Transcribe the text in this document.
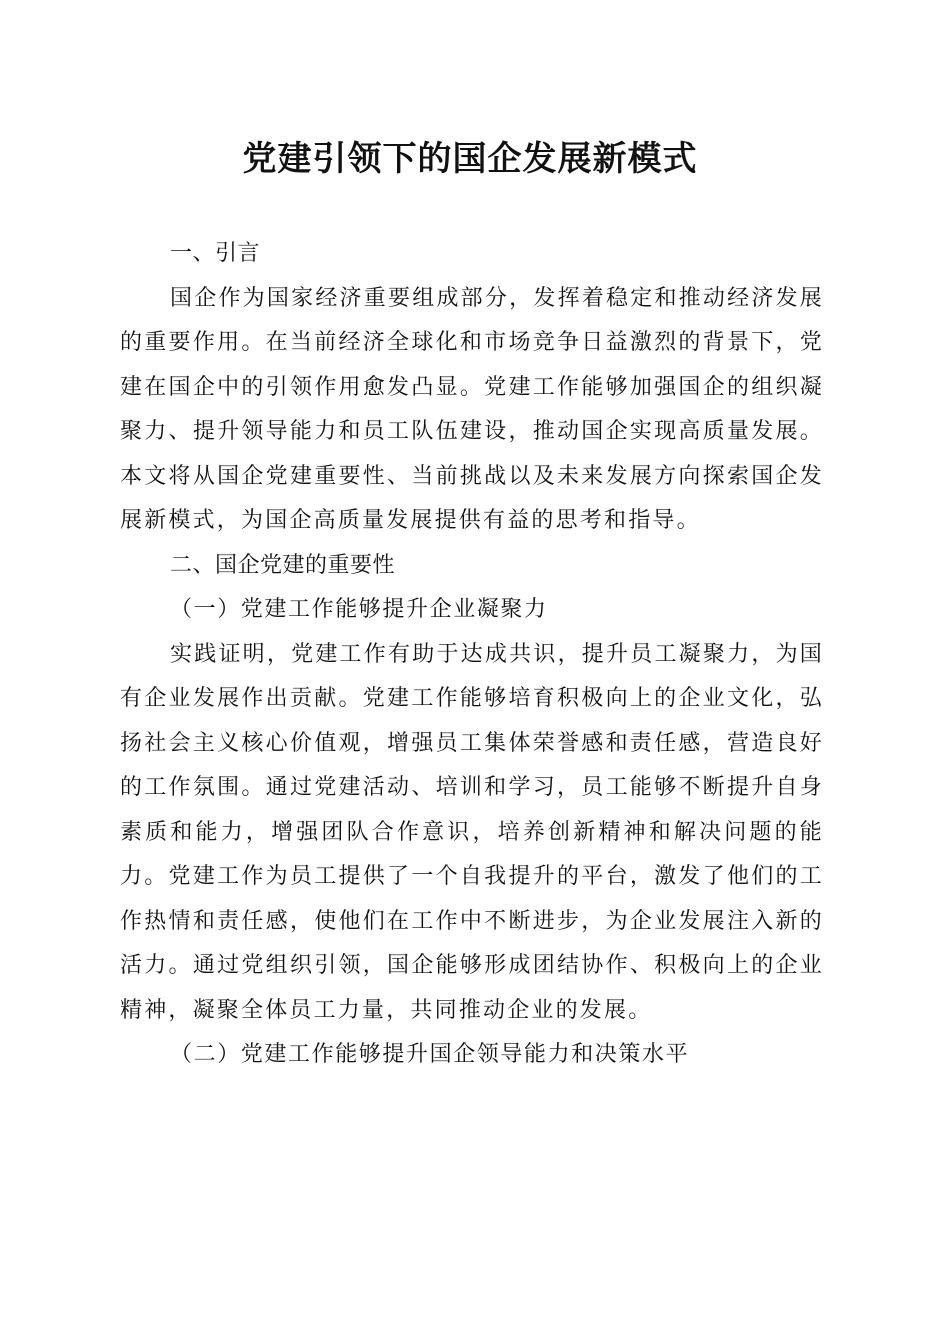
党建引领下的国企发展新模式

一、引言

国企作为国家经济重要组成部分，发挥着稳定和推动经济发展的重要作用。在当前经济全球化和市场竞争日益激烈的背景下，党建在国企中的引领作用愈发凸显。党建工作能够加强国企的组织凝聚力、提升领导能力和员工队伍建设，推动国企实现高质量发展。本文将从国企党建重要性、当前挑战以及未来发展方向探索国企发展新模式，为国企高质量发展提供有益的思考和指导。

二、国企党建的重要性

（一）党建工作能够提升企业凝聚力

实践证明，党建工作有助于达成共识，提升员工凝聚力，为国有企业发展作出贡献。党建工作能够培育积极向上的企业文化，弘扬社会主义核心价值观，增强员工集体荣誉感和责任感，营造良好的工作氛围。通过党建活动、培训和学习，员工能够不断提升自身素质和能力，增强团队合作意识，培养创新精神和解决问题的能力。党建工作为员工提供了一个自我提升的平台，激发了他们的工作热情和责任感，使他们在工作中不断进步，为企业发展注入新的活力。通过党组织引领，国企能够形成团结协作、积极向上的企业精神，凝聚全体员工力量，共同推动企业的发展。

（二）党建工作能够提升国企领导能力和决策水平
